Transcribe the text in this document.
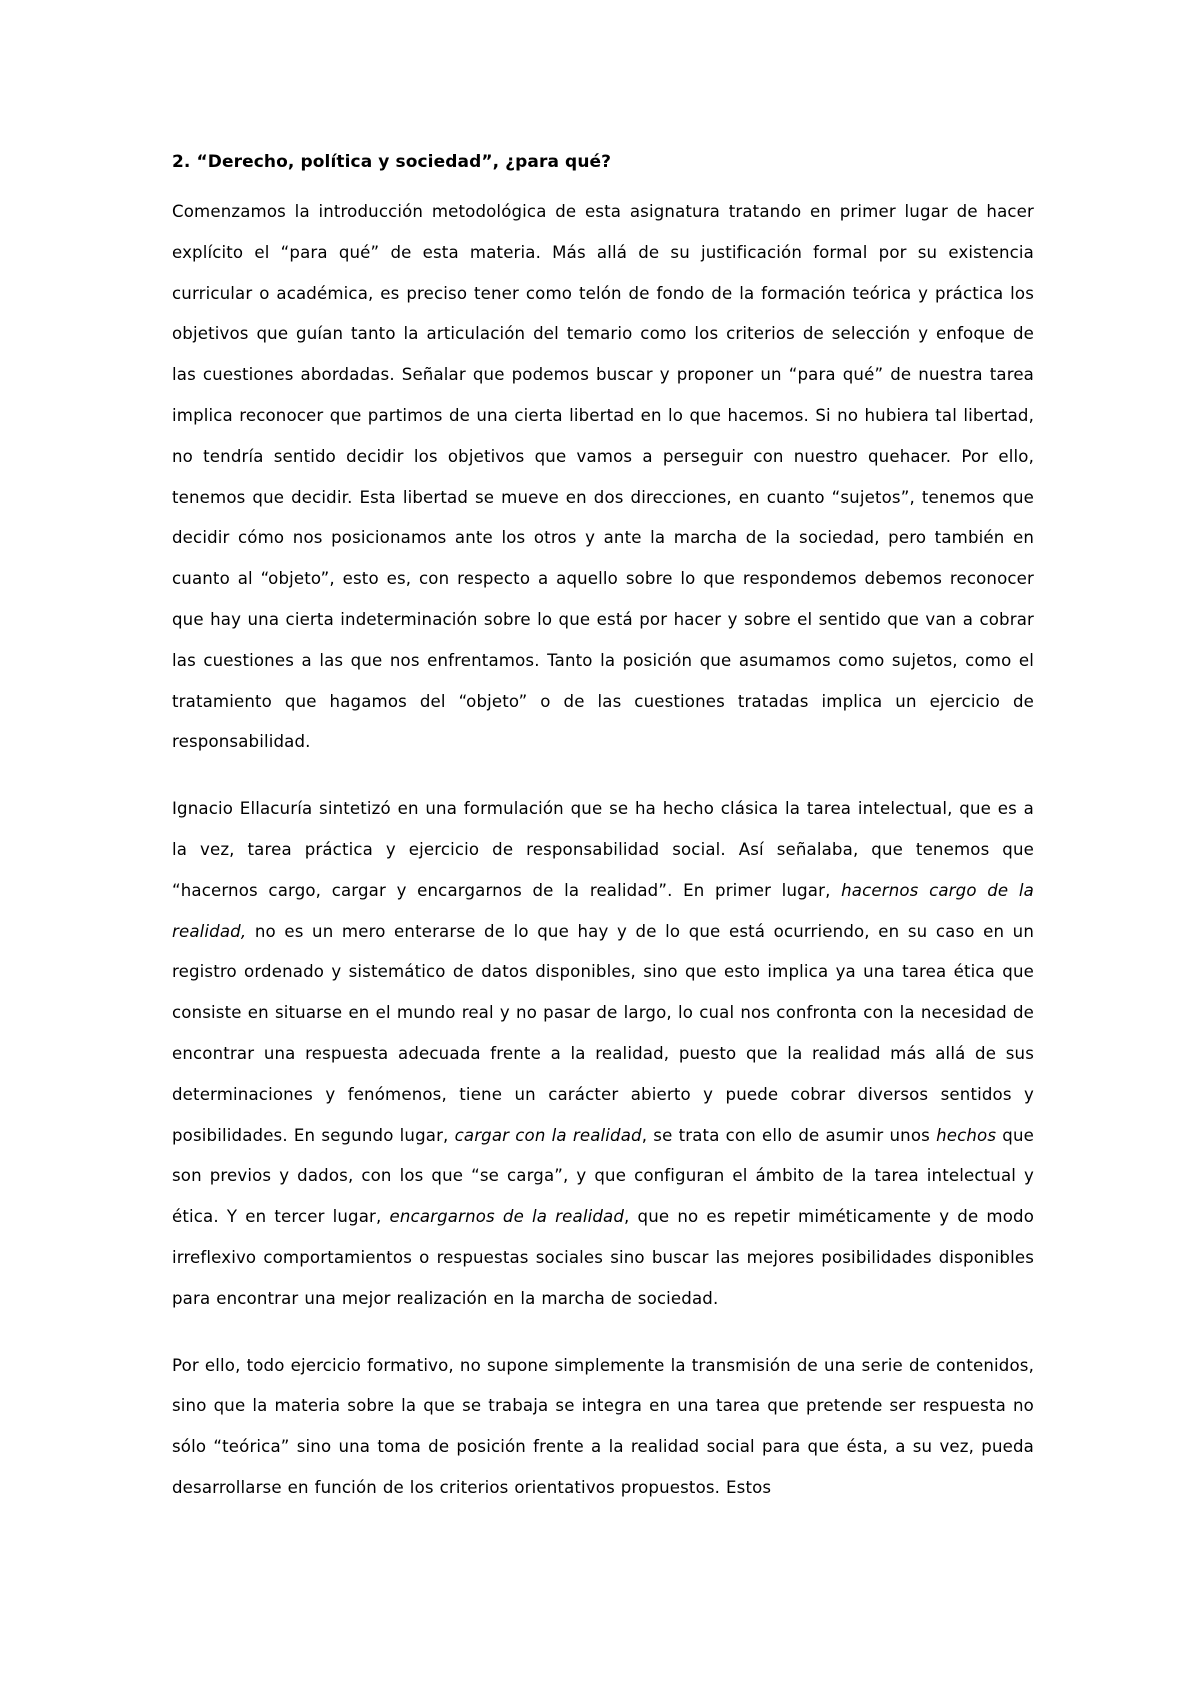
2. “Derecho, política y sociedad”, ¿para qué?

Comenzamos la introducción metodológica de esta asignatura tratando en primer lugar de hacer explícito el “para qué” de esta materia. Más allá de su justificación formal por su existencia curricular o académica, es preciso tener como telón de fondo de la formación teórica y práctica los objetivos que guían tanto la articulación del temario como los criterios de selección y enfoque de las cuestiones abordadas. Señalar que podemos buscar y proponer un “para qué” de nuestra tarea implica reconocer que partimos de una cierta libertad en lo que hacemos. Si no hubiera tal libertad, no tendría sentido decidir los objetivos que vamos a perseguir con nuestro quehacer. Por ello, tenemos que decidir. Esta libertad se mueve en dos direcciones, en cuanto “sujetos”, tenemos que decidir cómo nos posicionamos ante los otros y ante la marcha de la sociedad, pero también en cuanto al “objeto”, esto es, con respecto a aquello sobre lo que respondemos debemos reconocer que hay una cierta indeterminación sobre lo que está por hacer y sobre el sentido que van a cobrar las cuestiones a las que nos enfrentamos. Tanto la posición que asumamos como sujetos, como el tratamiento que hagamos del “objeto” o de las cuestiones tratadas implica un ejercicio de responsabilidad.

Ignacio Ellacuría sintetizó en una formulación que se ha hecho clásica la tarea intelectual, que es a la vez, tarea práctica y ejercicio de responsabilidad social. Así señalaba, que tenemos que “hacernos cargo, cargar y encargarnos de la realidad”. En primer lugar, hacernos cargo de la realidad, no es un mero enterarse de lo que hay y de lo que está ocurriendo, en su caso en un registro ordenado y sistemático de datos disponibles, sino que esto implica ya una tarea ética que consiste en situarse en el mundo real y no pasar de largo, lo cual nos confronta con la necesidad de encontrar una respuesta adecuada frente a la realidad, puesto que la realidad más allá de sus determinaciones y fenómenos, tiene un carácter abierto y puede cobrar diversos sentidos y posibilidades. En segundo lugar, cargar con la realidad, se trata con ello de asumir unos hechos que son previos y dados, con los que “se carga”, y que configuran el ámbito de la tarea intelectual y ética. Y en tercer lugar, encargarnos de la realidad, que no es repetir miméticamente y de modo irreflexivo comportamientos o respuestas sociales sino buscar las mejores posibilidades disponibles para encontrar una mejor realización en la marcha de sociedad.

Por ello, todo ejercicio formativo, no supone simplemente la transmisión de una serie de contenidos, sino que la materia sobre la que se trabaja se integra en una tarea que pretende ser respuesta no sólo “teórica” sino una toma de posición frente a la realidad social para que ésta, a su vez, pueda desarrollarse en función de los criterios orientativos propuestos. Estos
